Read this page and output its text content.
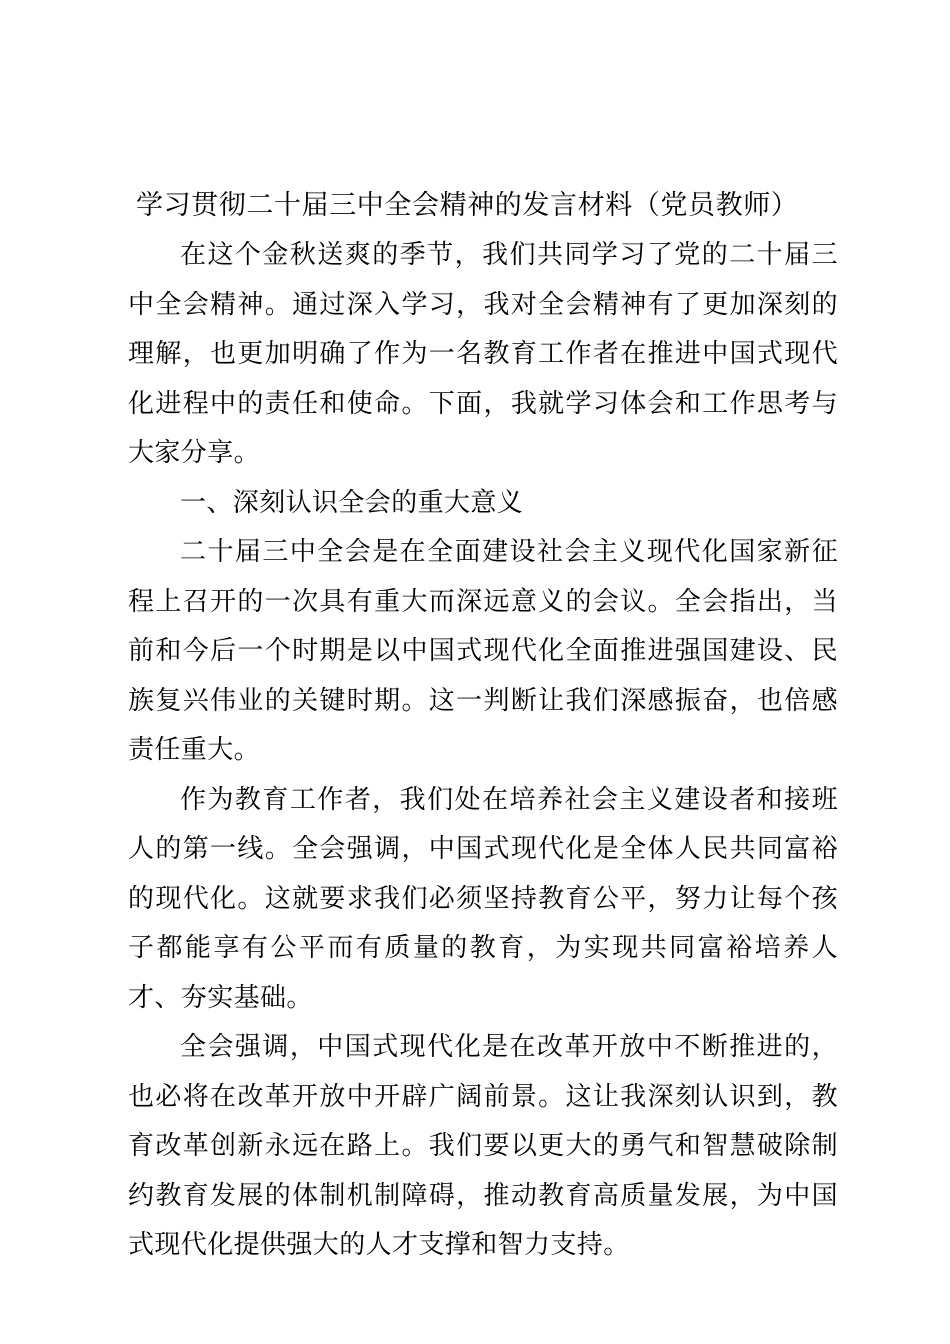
学习贯彻二十届三中全会精神的发言材料（党员教师）

在这个金秋送爽的季节，我们共同学习了党的二十届三中全会精神。通过深入学习，我对全会精神有了更加深刻的理解，也更加明确了作为一名教育工作者在推进中国式现代化进程中的责任和使命。下面，我就学习体会和工作思考与大家分享。

一、深刻认识全会的重大意义

二十届三中全会是在全面建设社会主义现代化国家新征程上召开的一次具有重大而深远意义的会议。全会指出，当前和今后一个时期是以中国式现代化全面推进强国建设、民族复兴伟业的关键时期。这一判断让我们深感振奋，也倍感责任重大。

作为教育工作者，我们处在培养社会主义建设者和接班人的第一线。全会强调，中国式现代化是全体人民共同富裕的现代化。这就要求我们必须坚持教育公平，努力让每个孩子都能享有公平而有质量的教育，为实现共同富裕培养人才、夯实基础。

全会强调，中国式现代化是在改革开放中不断推进的，也必将在改革开放中开辟广阔前景。这让我深刻认识到，教育改革创新永远在路上。我们要以更大的勇气和智慧破除制约教育发展的体制机制障碍，推动教育高质量发展，为中国式现代化提供强大的人才支撑和智力支持。
